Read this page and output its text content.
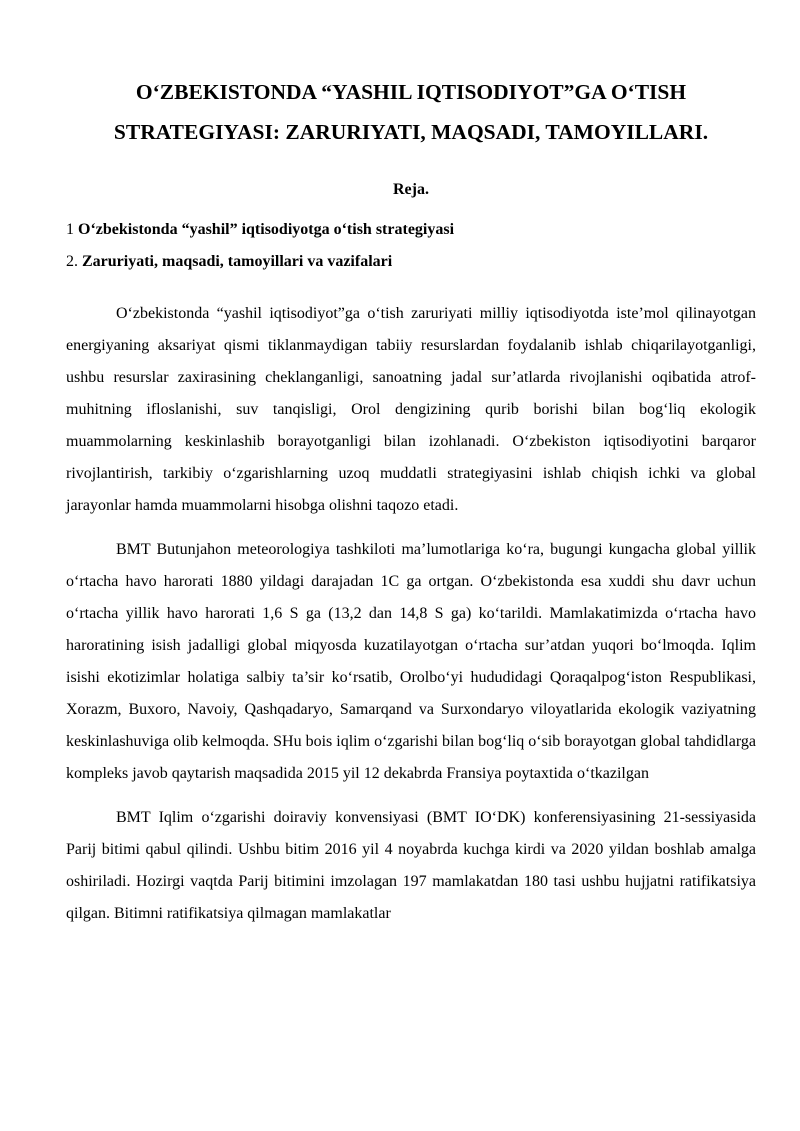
O‘ZBEKISTONDA “YASHIL IQTISODIYOT”GA O‘TISH
STRATEGIYASI: ZARURIYATI, MAQSADI, TAMOYILLARI.
Reja.
1 O‘zbekistonda “yashil” iqtisodiyotga o‘tish strategiyasi
2. Zaruriyati, maqsadi, tamoyillari va vazifalari

O‘zbekistonda “yashil iqtisodiyot”ga o‘tish zaruriyati milliy iqtisodiyotda iste’mol qilinayotgan energiyaning aksariyat qismi tiklanmaydigan tabiiy resurslardan foydalanib ishlab chiqarilayotganligi, ushbu resurslar zaxirasining cheklanganligi, sanoatning jadal sur’atlarda rivojlanishi oqibatida atrof-muhitning ifloslanishi, suv tanqisligi, Orol dengizining qurib borishi bilan bog‘liq ekologik muammolarning keskinlashib borayotganligi bilan izohlanadi. O‘zbekiston iqtisodiyotini barqaror rivojlantirish, tarkibiy o‘zgarishlarning uzoq muddatli strategiyasini ishlab chiqish ichki va global jarayonlar hamda muammolarni hisobga olishni taqozo etadi.

BMT Butunjahon meteorologiya tashkiloti ma’lumotlariga ko‘ra, bugungi kungacha global yillik o‘rtacha havo harorati 1880 yildagi darajadan 1C ga ortgan. O‘zbekistonda esa xuddi shu davr uchun o‘rtacha yillik havo harorati 1,6 S ga (13,2 dan 14,8 S ga) ko‘tarildi. Mamlakatimizda o‘rtacha havo haroratining isish jadalligi global miqyosda kuzatilayotgan o‘rtacha sur’atdan yuqori bo‘lmoqda. Iqlim isishi ekotizimlar holatiga salbiy ta’sir ko‘rsatib, Orolbo‘yi hududidagi Qoraqalpog‘iston Respublikasi, Xorazm, Buxoro, Navoiy, Qashqadaryo, Samarqand va Surxondaryo viloyatlarida ekologik vaziyatning keskinlashuviga olib kelmoqda. SHu bois iqlim o‘zgarishi bilan bog‘liq o‘sib borayotgan global tahdidlarga kompleks javob qaytarish maqsadida 2015 yil 12 dekabrda Fransiya poytaxtida o‘tkazilgan

BMT Iqlim o‘zgarishi doiraviy konvensiyasi (BMT IO‘DK) konferensiyasining 21-sessiyasida Parij bitimi qabul qilindi. Ushbu bitim 2016 yil 4 noyabrda kuchga kirdi va 2020 yildan boshlab amalga oshiriladi. Hozirgi vaqtda Parij bitimini imzolagan 197 mamlakatdan 180 tasi ushbu hujjatni ratifikatsiya qilgan. Bitimni ratifikatsiya qilmagan mamlakatlar
